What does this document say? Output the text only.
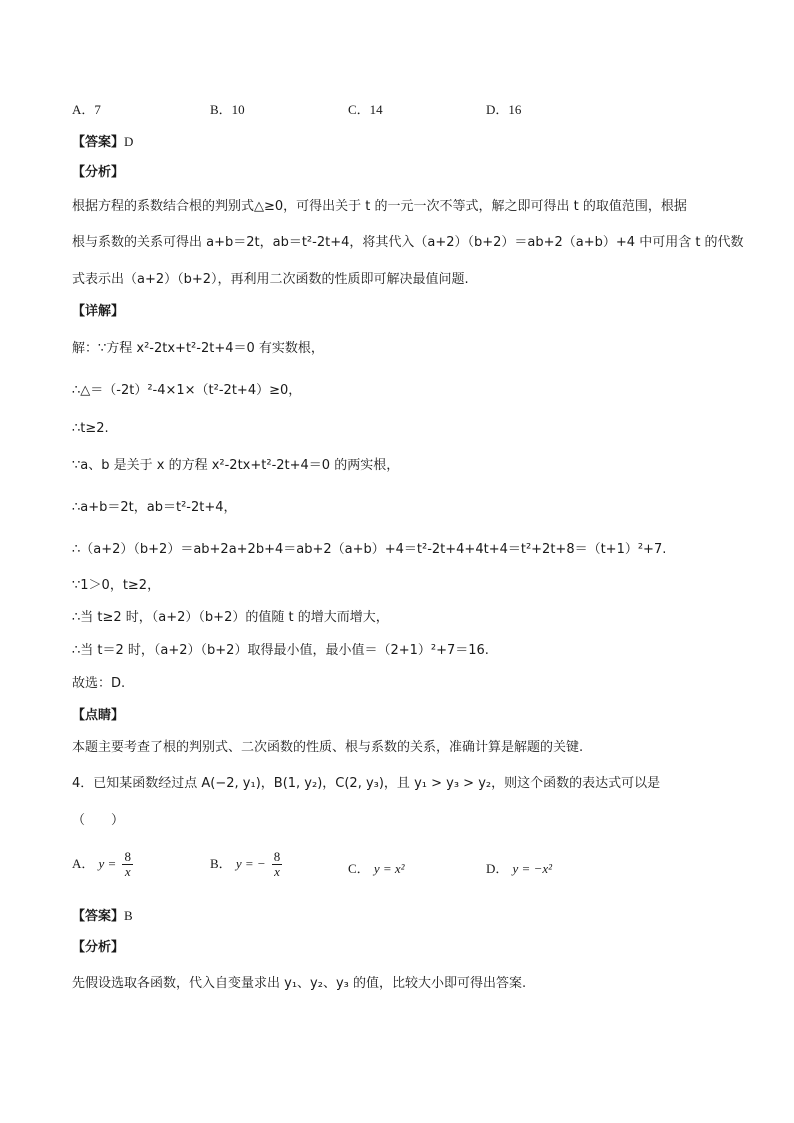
A．7	B．10	C．14	D．16
【答案】D
【分析】
根据方程的系数结合根的判别式△≥0，可得出关于 t 的一元一次不等式，解之即可得出 t 的取值范围，根据
根与系数的关系可得出 a+b＝2t，ab＝t²-2t+4，将其代入（a+2）（b+2）＝ab+2（a+b）+4 中可用含 t 的代数
式表示出（a+2）（b+2），再利用二次函数的性质即可解决最值问题.
【详解】
解：∵方程 x²-2tx+t²-2t+4＝0 有实数根，
∴△＝（-2t）²-4×1×（t²-2t+4）≥0，
∴t≥2.
∵a、b 是关于 x 的方程 x²-2tx+t²-2t+4＝0 的两实根，
∴a+b＝2t，ab＝t²-2t+4，
∴（a+2）（b+2）＝ab+2a+2b+4＝ab+2（a+b）+4＝t²-2t+4+4t+4＝t²+2t+8＝（t+1）²+7.
∵1＞0，t≥2，
∴当 t≥2 时，（a+2）（b+2）的值随 t 的增大而增大，
∴当 t＝2 时，（a+2）（b+2）取得最小值，最小值＝（2+1）²+7＝16.
故选：D.
【点睛】
本题主要考查了根的判别式、二次函数的性质、根与系数的关系，准确计算是解题的关键.
4．已知某函数经过点 A(−2, y₁)，B(1, y₂)，C(2, y₃)，且 y₁ > y₃ > y₂，则这个函数的表达式可以是
（　　）
A． $y = \frac{8}{x}$	B． y = − $\frac{8}{x}$	C． y = x²	D． y = −x²
【答案】B
【分析】
先假设选取各函数，代入自变量求出 y₁、y₂、y₃ 的值，比较大小即可得出答案.
